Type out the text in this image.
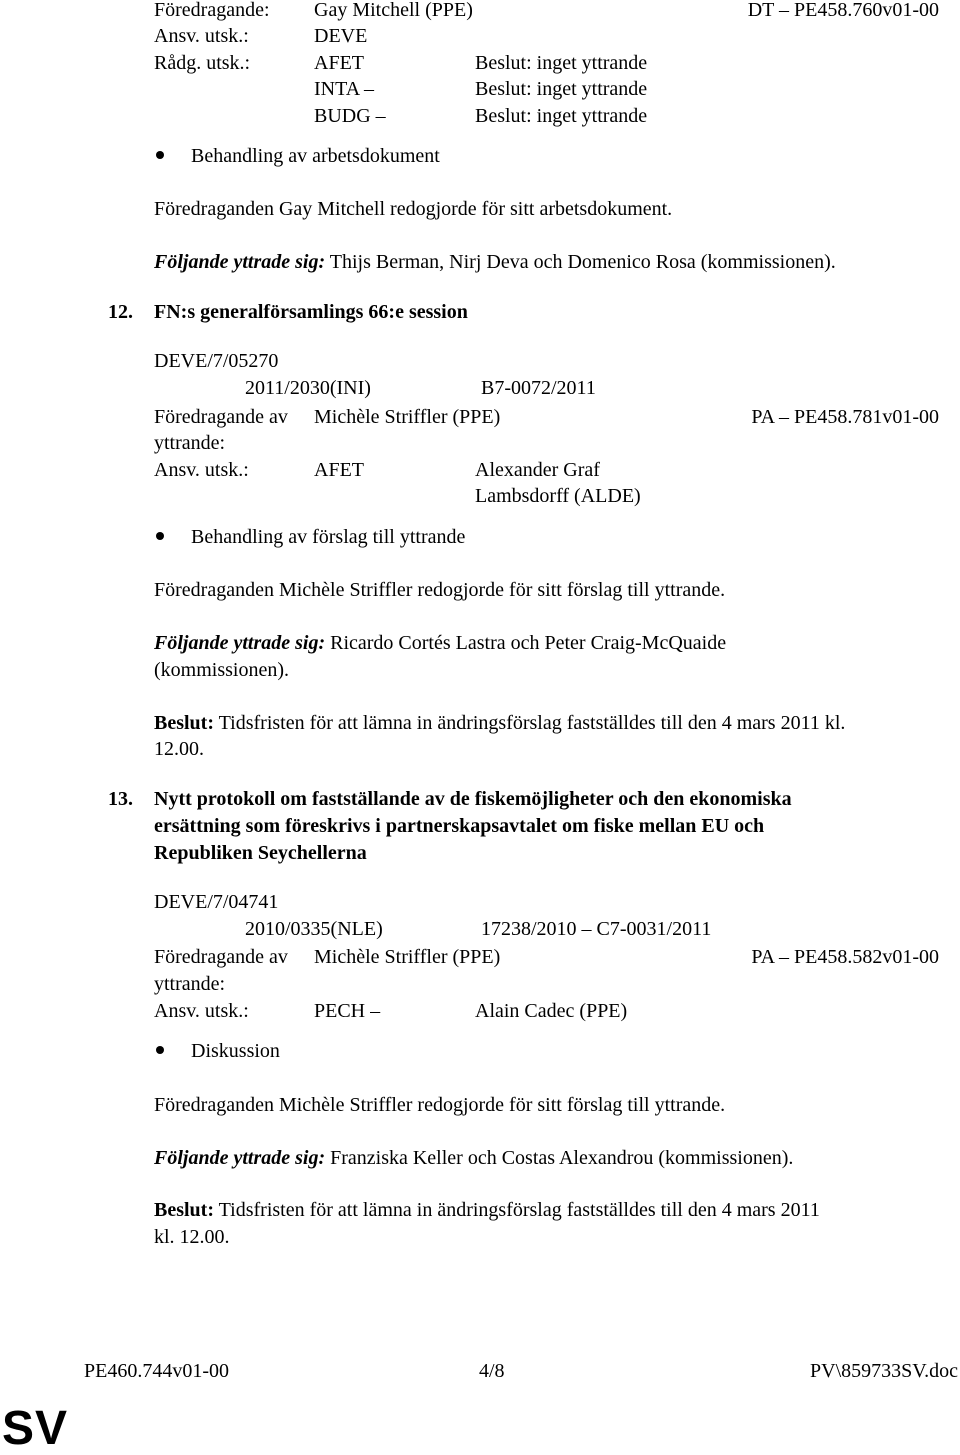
Föredragande: Gay Mitchell (PPE)	DT – PE458.760v01-00
Ansv. utsk.:	DEVE
Rådg. utsk.:	AFET	Beslut: inget yttrande
INTA –	Beslut: inget yttrande
BUDG –	Beslut: inget yttrande
Behandling av arbetsdokument
Föredraganden Gay Mitchell redogjorde för sitt arbetsdokument.
Följande yttrade sig: Thijs Berman, Nirj Deva och Domenico Rosa (kommissionen).
12. FN:s generalförsamlings 66:e session
DEVE/7/05270
2011/2030(INI)	B7-0072/2011
Föredragande av Michèle Striffler (PPE)	PA – PE458.781v01-00
yttrande:
Ansv. utsk.:	AFET	Alexander Graf
Lambsdorff (ALDE)
Behandling av förslag till yttrande
Föredraganden Michèle Striffler redogjorde för sitt förslag till yttrande.
Följande yttrade sig: Ricardo Cortés Lastra och Peter Craig-McQuaide
(kommissionen).
Beslut: Tidsfristen för att lämna in ändringsförslag fastställdes till den 4 mars 2011 kl.
12.00.
13. Nytt protokoll om fastställande av de fiskemöjligheter och den ekonomiska
ersättning som föreskrivs i partnerskapsavtalet om fiske mellan EU och
Republiken Seychellerna
DEVE/7/04741
2010/0335(NLE)	17238/2010 – C7-0031/2011
Föredragande av Michèle Striffler (PPE)	PA – PE458.582v01-00
yttrande:
Ansv. utsk.:	PECH –	Alain Cadec (PPE)
Diskussion
Föredraganden Michèle Striffler redogjorde för sitt förslag till yttrande.
Följande yttrade sig: Franziska Keller och Costas Alexandrou (kommissionen).
Beslut: Tidsfristen för att lämna in ändringsförslag fastställdes till den 4 mars 2011
kl. 12.00.
PE460.744v01-00	4/8	PV\859733SV.doc
SV
